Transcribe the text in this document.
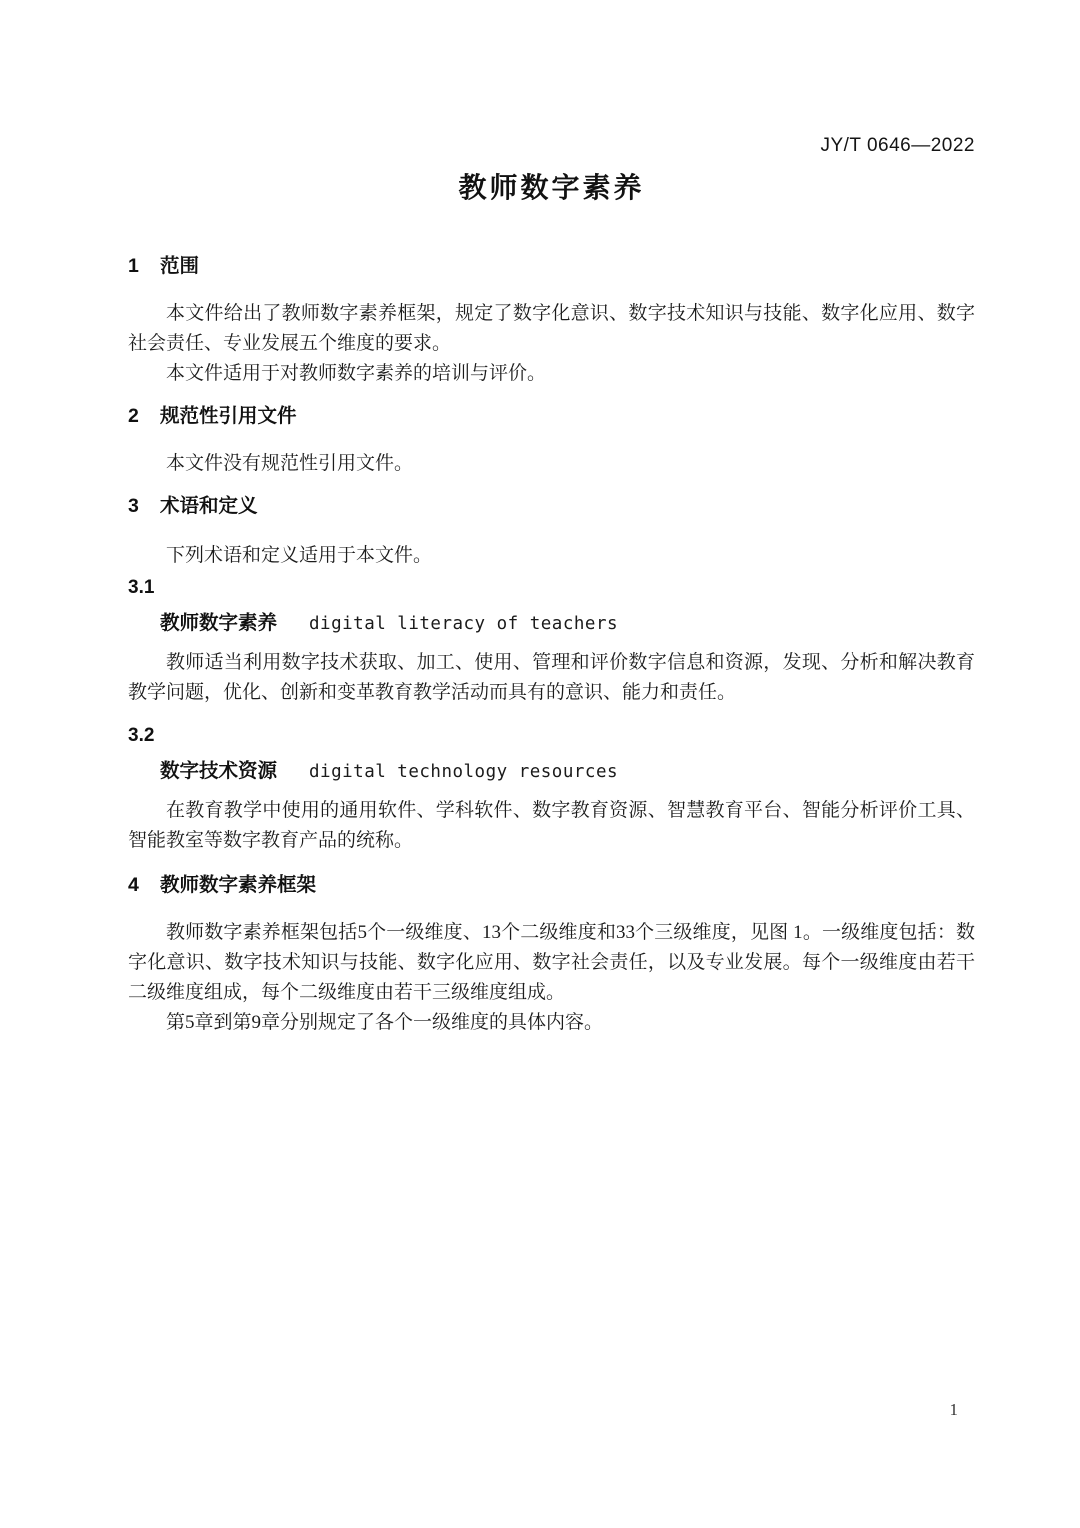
JY/T 0646—2022
教师数字素养
1	范围

本文件给出了教师数字素养框架，规定了数字化意识、数字技术知识与技能、数字化应用、数字社会责任、专业发展五个维度的要求。

本文件适用于对教师数字素养的培训与评价。

2	规范性引用文件

本文件没有规范性引用文件。

3	术语和定义

下列术语和定义适用于本文件。

3.1
教师数字素养 digital literacy of teachers

教师适当利用数字技术获取、加工、使用、管理和评价数字信息和资源，发现、分析和解决教育教学问题，优化、创新和变革教育教学活动而具有的意识、能力和责任。

3.2
数字技术资源 digital technology resources

在教育教学中使用的通用软件、学科软件、数字教育资源、智慧教育平台、智能分析评价工具、智能教室等数字教育产品的统称。

4	教师数字素养框架

教师数字素养框架包括5个一级维度、13个二级维度和33个三级维度，见图 1。一级维度包括：数字化意识、数字技术知识与技能、数字化应用、数字社会责任，以及专业发展。每个一级维度由若干二级维度组成，每个二级维度由若干三级维度组成。

第5章到第9章分别规定了各个一级维度的具体内容。

1
